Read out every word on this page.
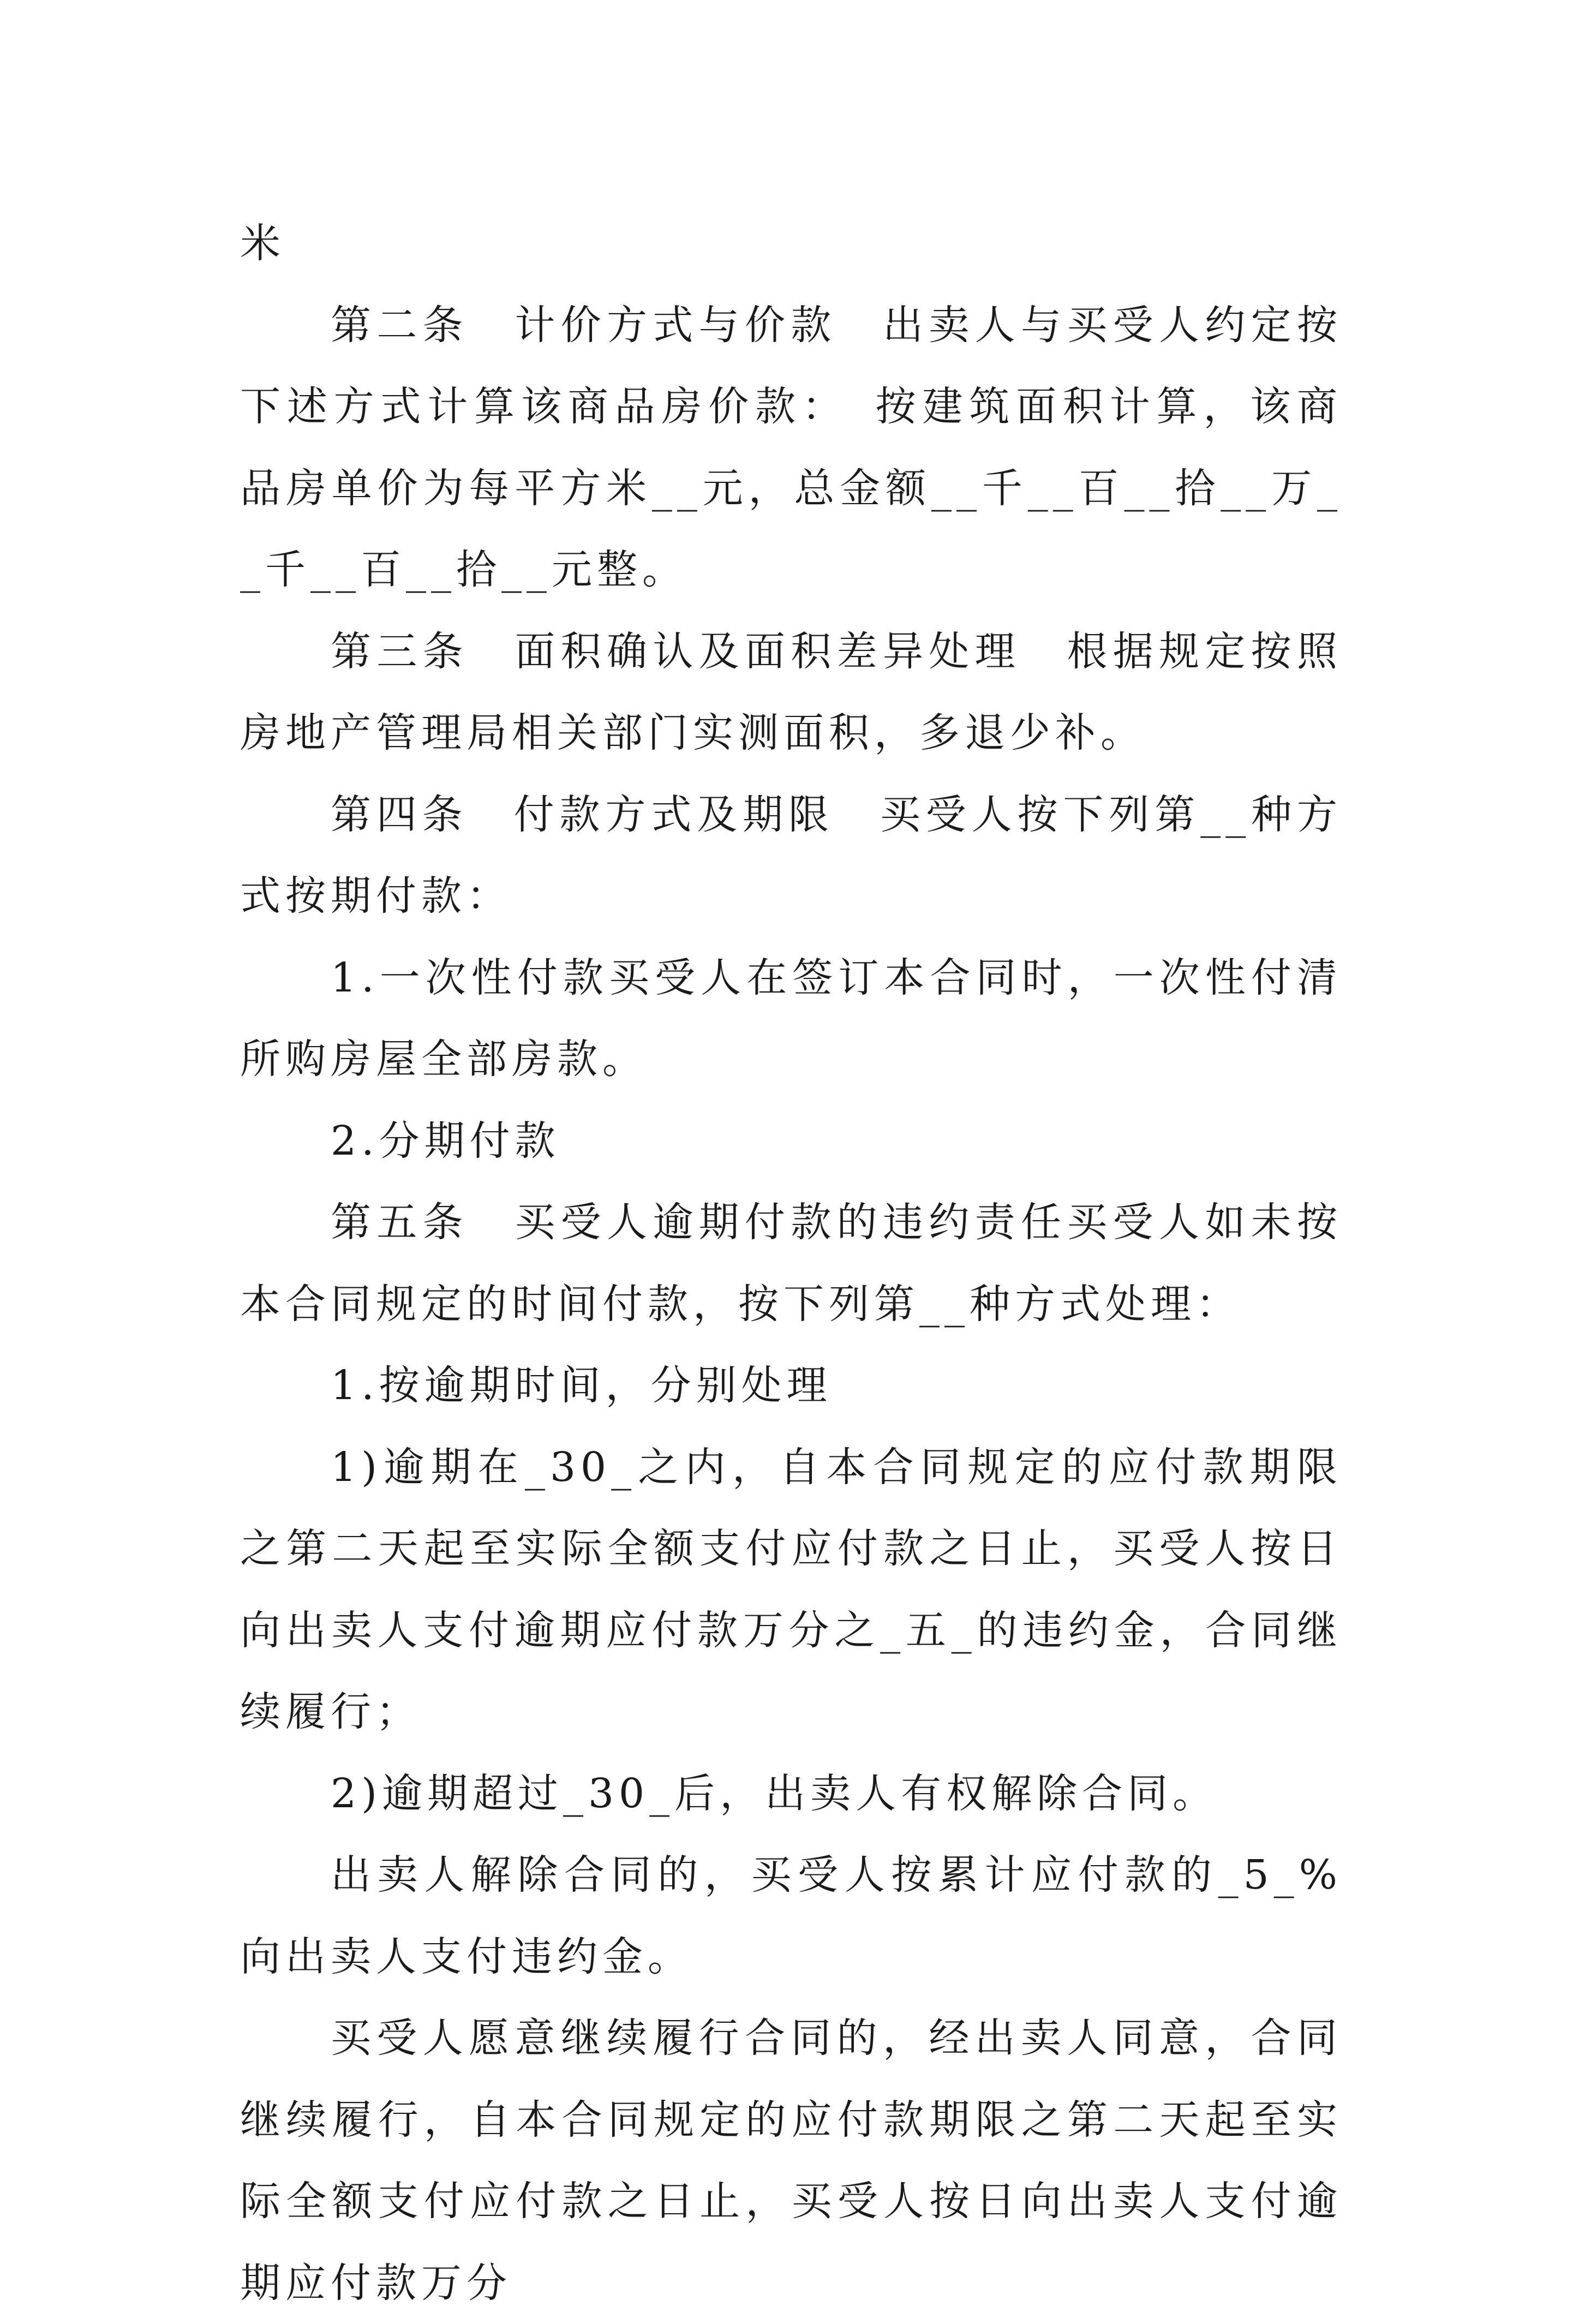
米

第二条　计价方式与价款　出卖人与买受人约定按下述方式计算该商品房价款：　按建筑面积计算，该商品房单价为每平方米__元，总金额__千__百__拾__万__千__百__拾__元整。

第三条　面积确认及面积差异处理　根据规定按照房地产管理局相关部门实测面积，多退少补。

第四条　付款方式及期限　买受人按下列第__种方式按期付款：

1.一次性付款买受人在签订本合同时，一次性付清所购房屋全部房款。

2.分期付款

第五条　买受人逾期付款的违约责任买受人如未按本合同规定的时间付款，按下列第__种方式处理：

1.按逾期时间，分别处理

1)逾期在_30_之内，自本合同规定的应付款期限之第二天起至实际全额支付应付款之日止，买受人按日向出卖人支付逾期应付款万分之_五_的违约金，合同继续履行；

2)逾期超过_30_后，出卖人有权解除合同。

出卖人解除合同的，买受人按累计应付款的_5_%向出卖人支付违约金。

买受人愿意继续履行合同的，经出卖人同意，合同继续履行，自本合同规定的应付款期限之第二天起至实际全额支付应付款之日止，买受人按日向出卖人支付逾期应付款万分
